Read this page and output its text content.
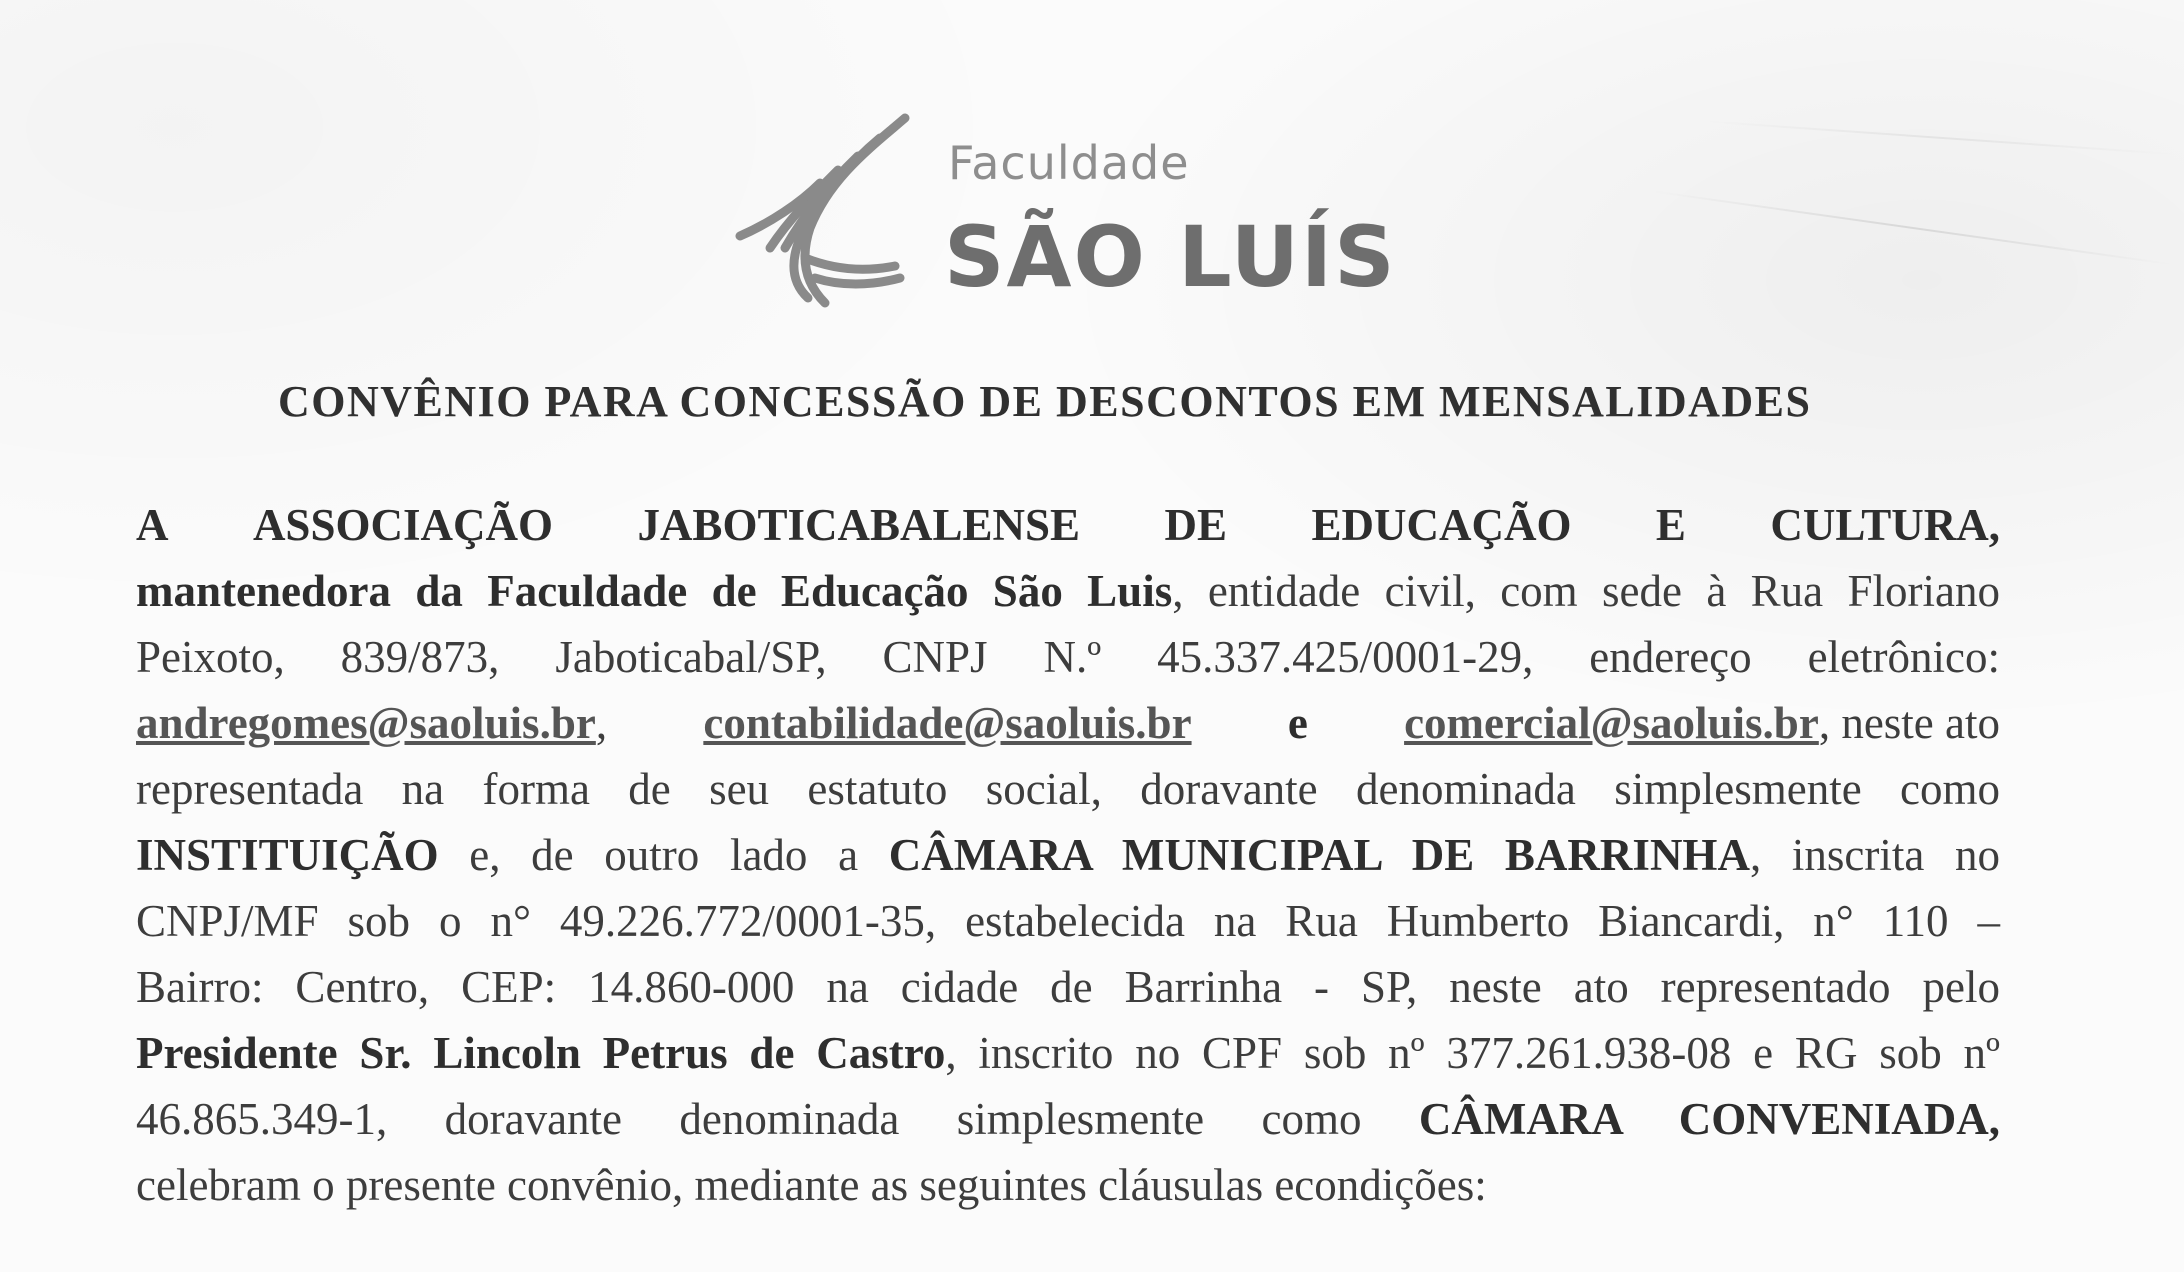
Faculdade
SÃO LUÍS
CONVÊNIO PARA CONCESSÃO DE DESCONTOS EM MENSALIDADES
A ASSOCIAÇÃO JABOTICABALENSE DE EDUCAÇÃO E CULTURA,
mantenedora da Faculdade de Educação São Luis, entidade civil, com sede à Rua Floriano
Peixoto, 839/873, Jaboticabal/SP, CNPJ N.º 45.337.425/0001-29, endereço eletrônico:
andregomes@saoluis.br, contabilidade@saoluis.br e comercial@saoluis.br, neste ato
representada na forma de seu estatuto social, doravante denominada simplesmente como
INSTITUIÇÃO e, de outro lado a CÂMARA MUNICIPAL DE BARRINHA, inscrita no
CNPJ/MF sob o n° 49.226.772/0001-35, estabelecida na Rua Humberto Biancardi, n° 110 –
Bairro: Centro, CEP: 14.860-000 na cidade de Barrinha - SP, neste ato representado pelo
Presidente Sr. Lincoln Petrus de Castro, inscrito no CPF sob nº 377.261.938-08 e RG sob nº
46.865.349-1, doravante denominada simplesmente como CÂMARA CONVENIADA,
celebram o presente convênio, mediante as seguintes cláusulas econdições:
